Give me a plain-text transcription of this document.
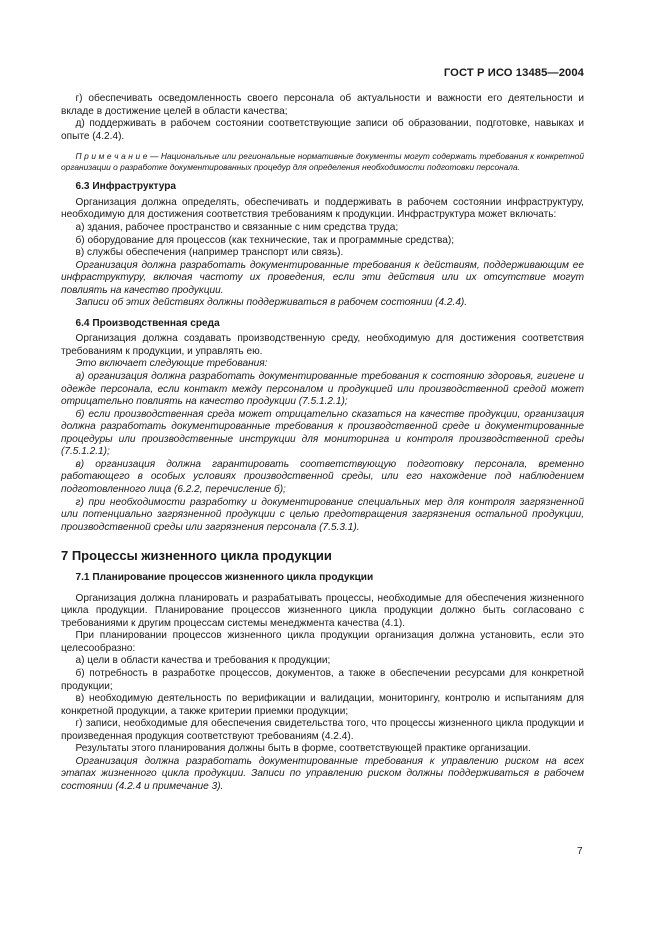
ГОСТ Р ИСО 13485—2004

г) обеспечивать осведомленность своего персонала об актуальности и важности его деятельности и вкладе в достижение целей в области качества;

д) поддерживать в рабочем состоянии соответствующие записи об образовании, подготовке, навыках и опыте (4.2.4).

П р и м е ч а н и е — Национальные или региональные нормативные документы могут содержать требования к конкретной организации о разработке документированных процедур для определения необходимости подготовки персонала.

6.3 Инфраструктура

Организация должна определять, обеспечивать и поддерживать в рабочем состоянии инфраструктуру, необходимую для достижения соответствия требованиям к продукции. Инфраструктура может включать:

а) здания, рабочее пространство и связанные с ним средства труда;

б) оборудование для процессов (как технические, так и программные средства);

в) службы обеспечения (например транспорт или связь).

Организация должна разработать документированные требования к действиям, поддерживающим ее инфраструктуру, включая частоту их проведения, если эти действия или их отсутствие могут повлиять на качество продукции.

Записи об этих действиях должны поддерживаться в рабочем состоянии (4.2.4).

6.4 Производственная среда

Организация должна создавать производственную среду, необходимую для достижения соответствия требованиям к продукции, и управлять ею.

Это включает следующие требования:

а) организация должна разработать документированные требования к состоянию здоровья, гигиене и одежде персонала, если контакт между персоналом и продукцией или производственной средой может отрицательно повлиять на качество продукции (7.5.1.2.1);

б) если производственная среда может отрицательно сказаться на качестве продукции, организация должна разработать документированные требования к производственной среде и документированные процедуры или производственные инструкции для мониторинга и контроля производственной среды (7.5.1.2.1);

в) организация должна гарантировать соответствующую подготовку персонала, временно работающего в особых условиях производственной среды, или его нахождение под наблюдением подготовленного лица (6.2.2, перечисление б);

г) при необходимости разработку и документирование специальных мер для контроля загрязненной или потенциально загрязненной продукции с целью предотвращения загрязнения остальной продукции, производственной среды или загрязнения персонала (7.5.3.1).

7 Процессы жизненного цикла продукции
7.1 Планирование процессов жизненного цикла продукции

Организация должна планировать и разрабатывать процессы, необходимые для обеспечения жизненного цикла продукции. Планирование процессов жизненного цикла продукции должно быть согласовано с требованиями к другим процессам системы менеджмента качества (4.1).

При планировании процессов жизненного цикла продукции организация должна установить, если это целесообразно:

а) цели в области качества и требования к продукции;

б) потребность в разработке процессов, документов, а также в обеспечении ресурсами для конкретной продукции;

в) необходимую деятельность по верификации и валидации, мониторингу, контролю и испытаниям для конкретной продукции, а также критерии приемки продукции;

г) записи, необходимые для обеспечения свидетельства того, что процессы жизненного цикла продукции и произведенная продукция соответствуют требованиям (4.2.4).

Результаты этого планирования должны быть в форме, соответствующей практике организации.

Организация должна разработать документированные требования к управлению риском на всех этапах жизненного цикла продукции. Записи по управлению риском должны поддерживаться в рабочем состоянии (4.2.4 и примечание 3).

7
